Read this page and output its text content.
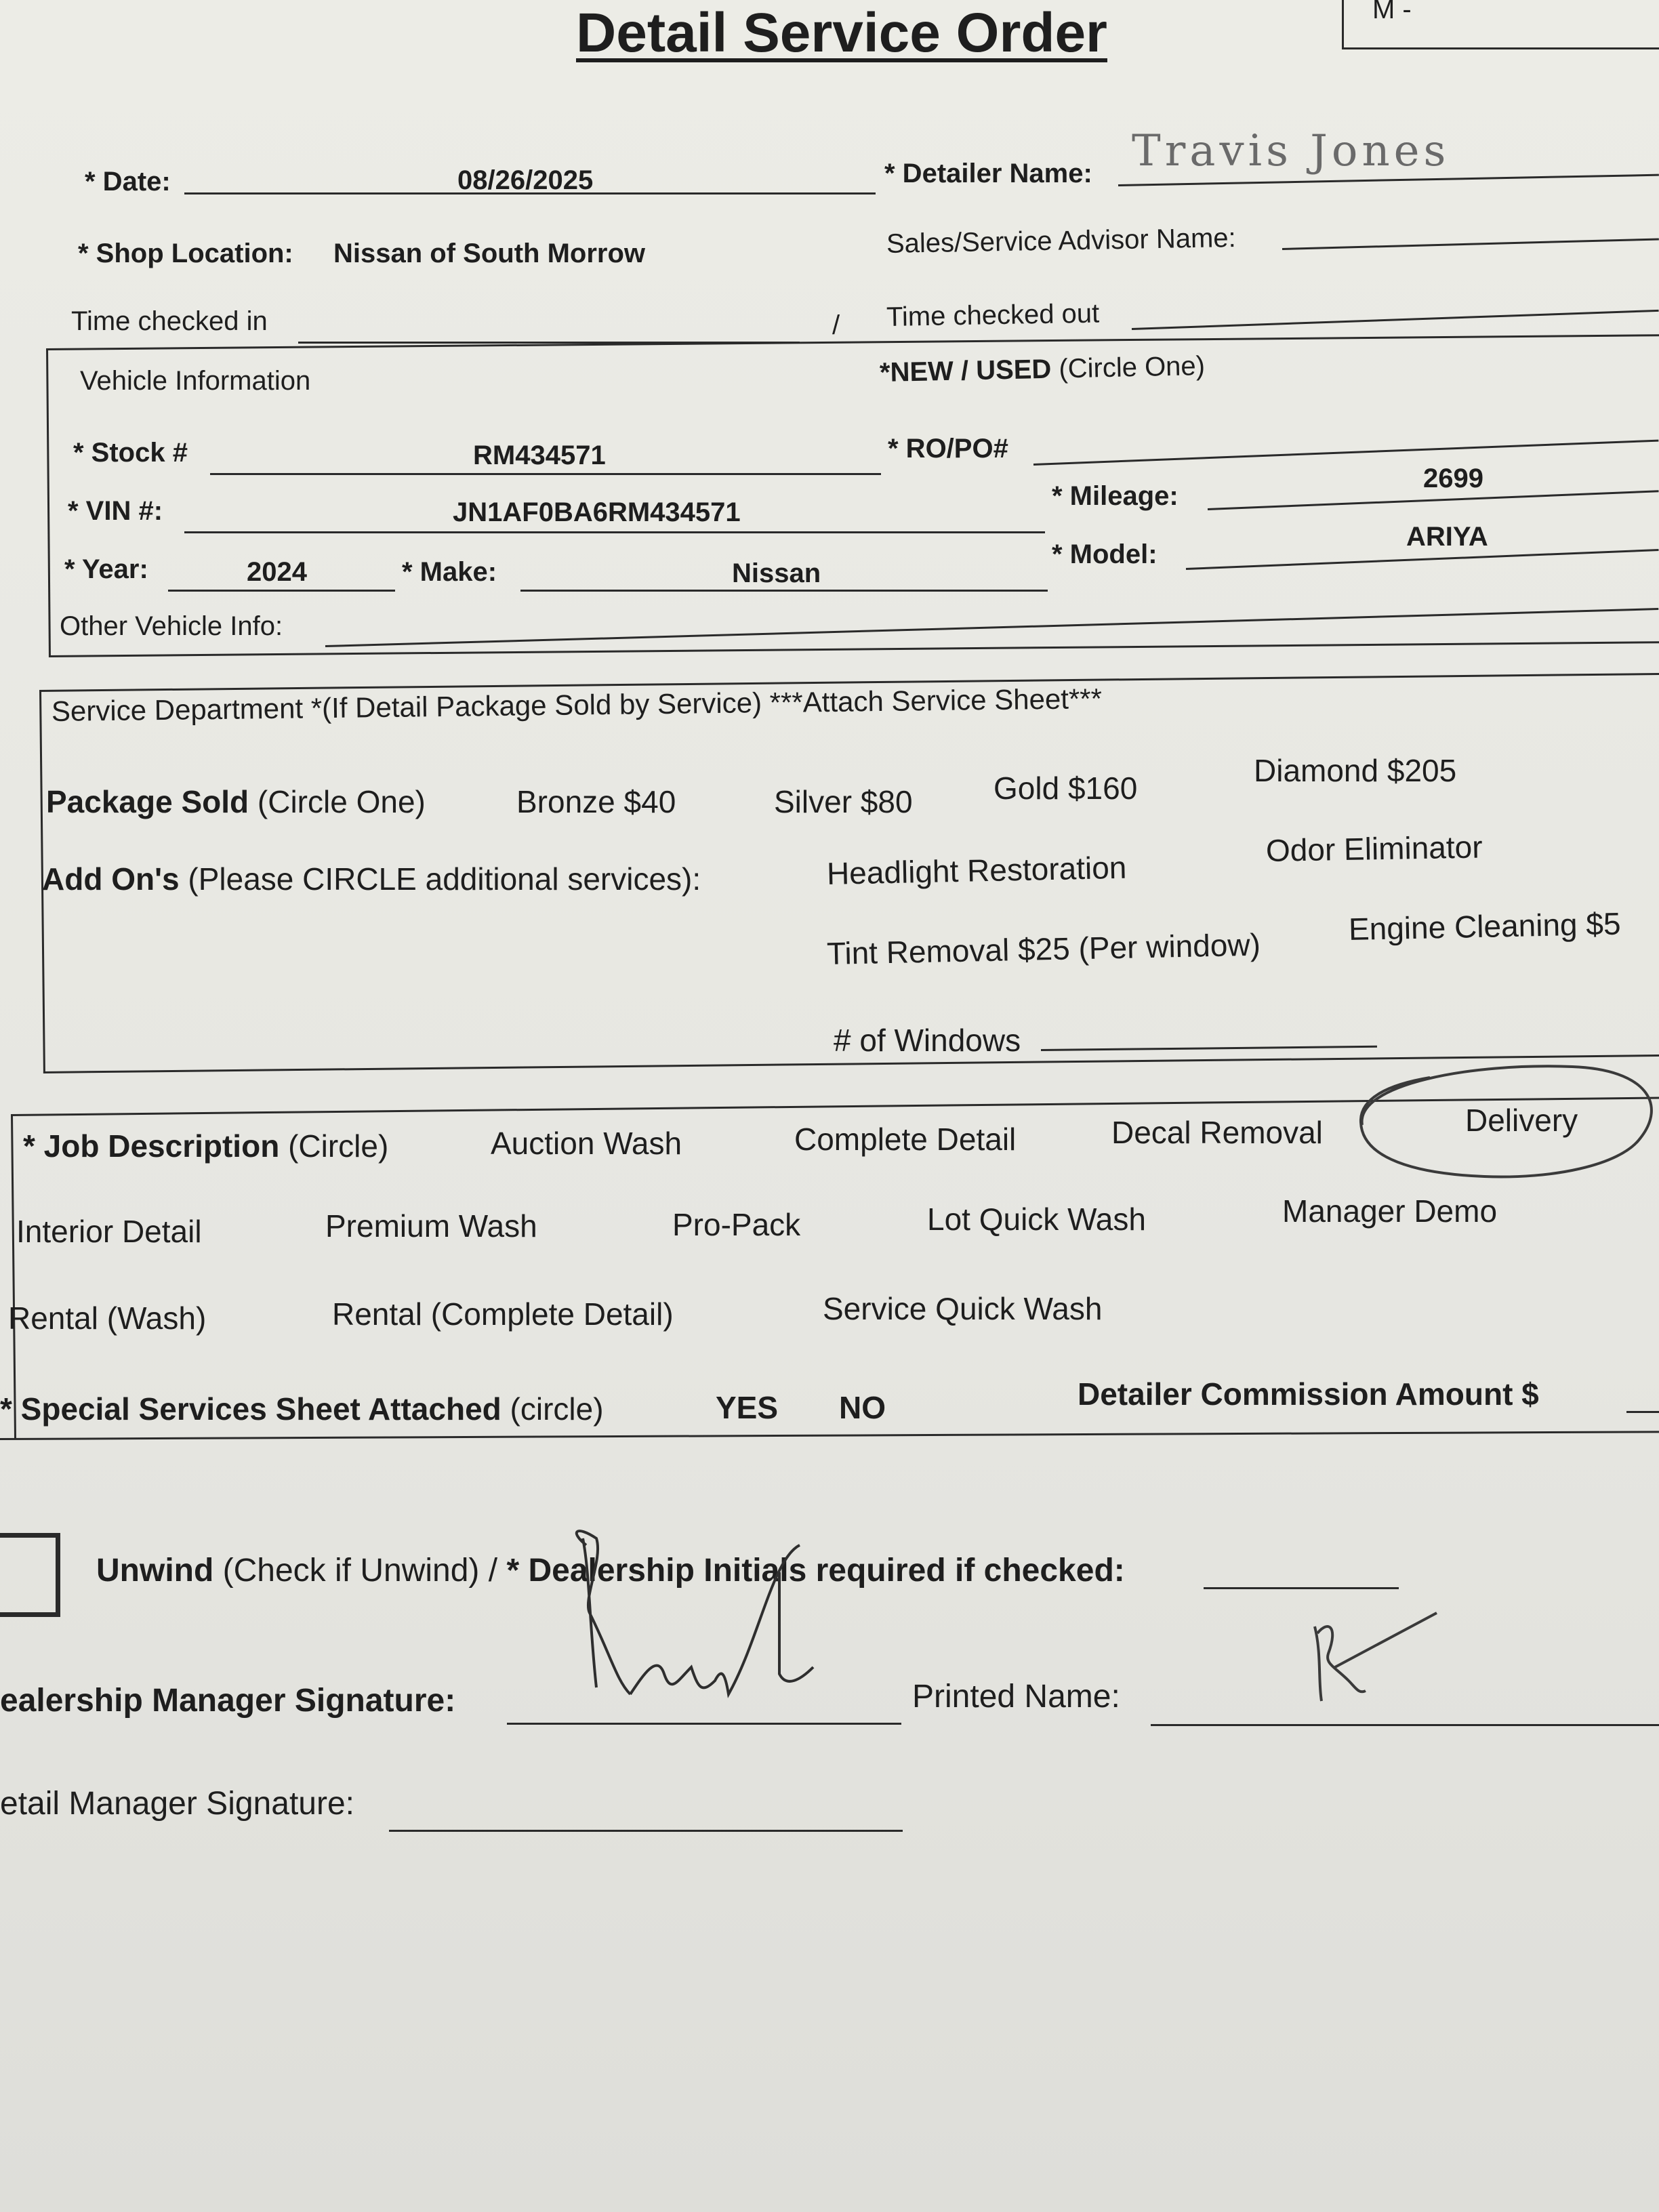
Detail Service Order	M -
* Date:	08/26/2025	* Detailer Name: Travis Jones
* Shop Location: Nissan of South Morrow	Sales/Service Advisor Name:
Time checked in	/ Time checked out
Vehicle Information	*NEW / USED (Circle One)
* Stock #	RM434571	* RO/PO#
* VIN #:	JN1AF0BA6RM434571
* Mileage:
2699
* Year:	2024	* Make:	Nissan
* Model:
ARIYA
Other Vehicle Info:
Service Department *(If Detail Package Sold by Service) ***Attach Service Sheet***
Package Sold (Circle One)	Bronze $40	Silver $80	Gold $160	Diamond $205
Add On's (Please CIRCLE additional services):	Headlight Restoration
Odor Eliminator
Tint Removal $25 (Per window)
Engine Cleaning $5
# of Windows
* Job Description (Circle)	Auction Wash	Complete Detail	Decal Removal	Delivery
Interior Detail	Premium Wash	Pro-Pack	Lot Quick Wash	Manager Demo
Rental (Wash)	Rental (Complete Detail)	Service Quick Wash
* Special Services Sheet Attached (circle)	YES NO	Detailer Commission Amount $
Unwind (Check if Unwind) / * Dealership Initials required if checked:
ealership Manager Signature:	Printed Name:
etail Manager Signature:
